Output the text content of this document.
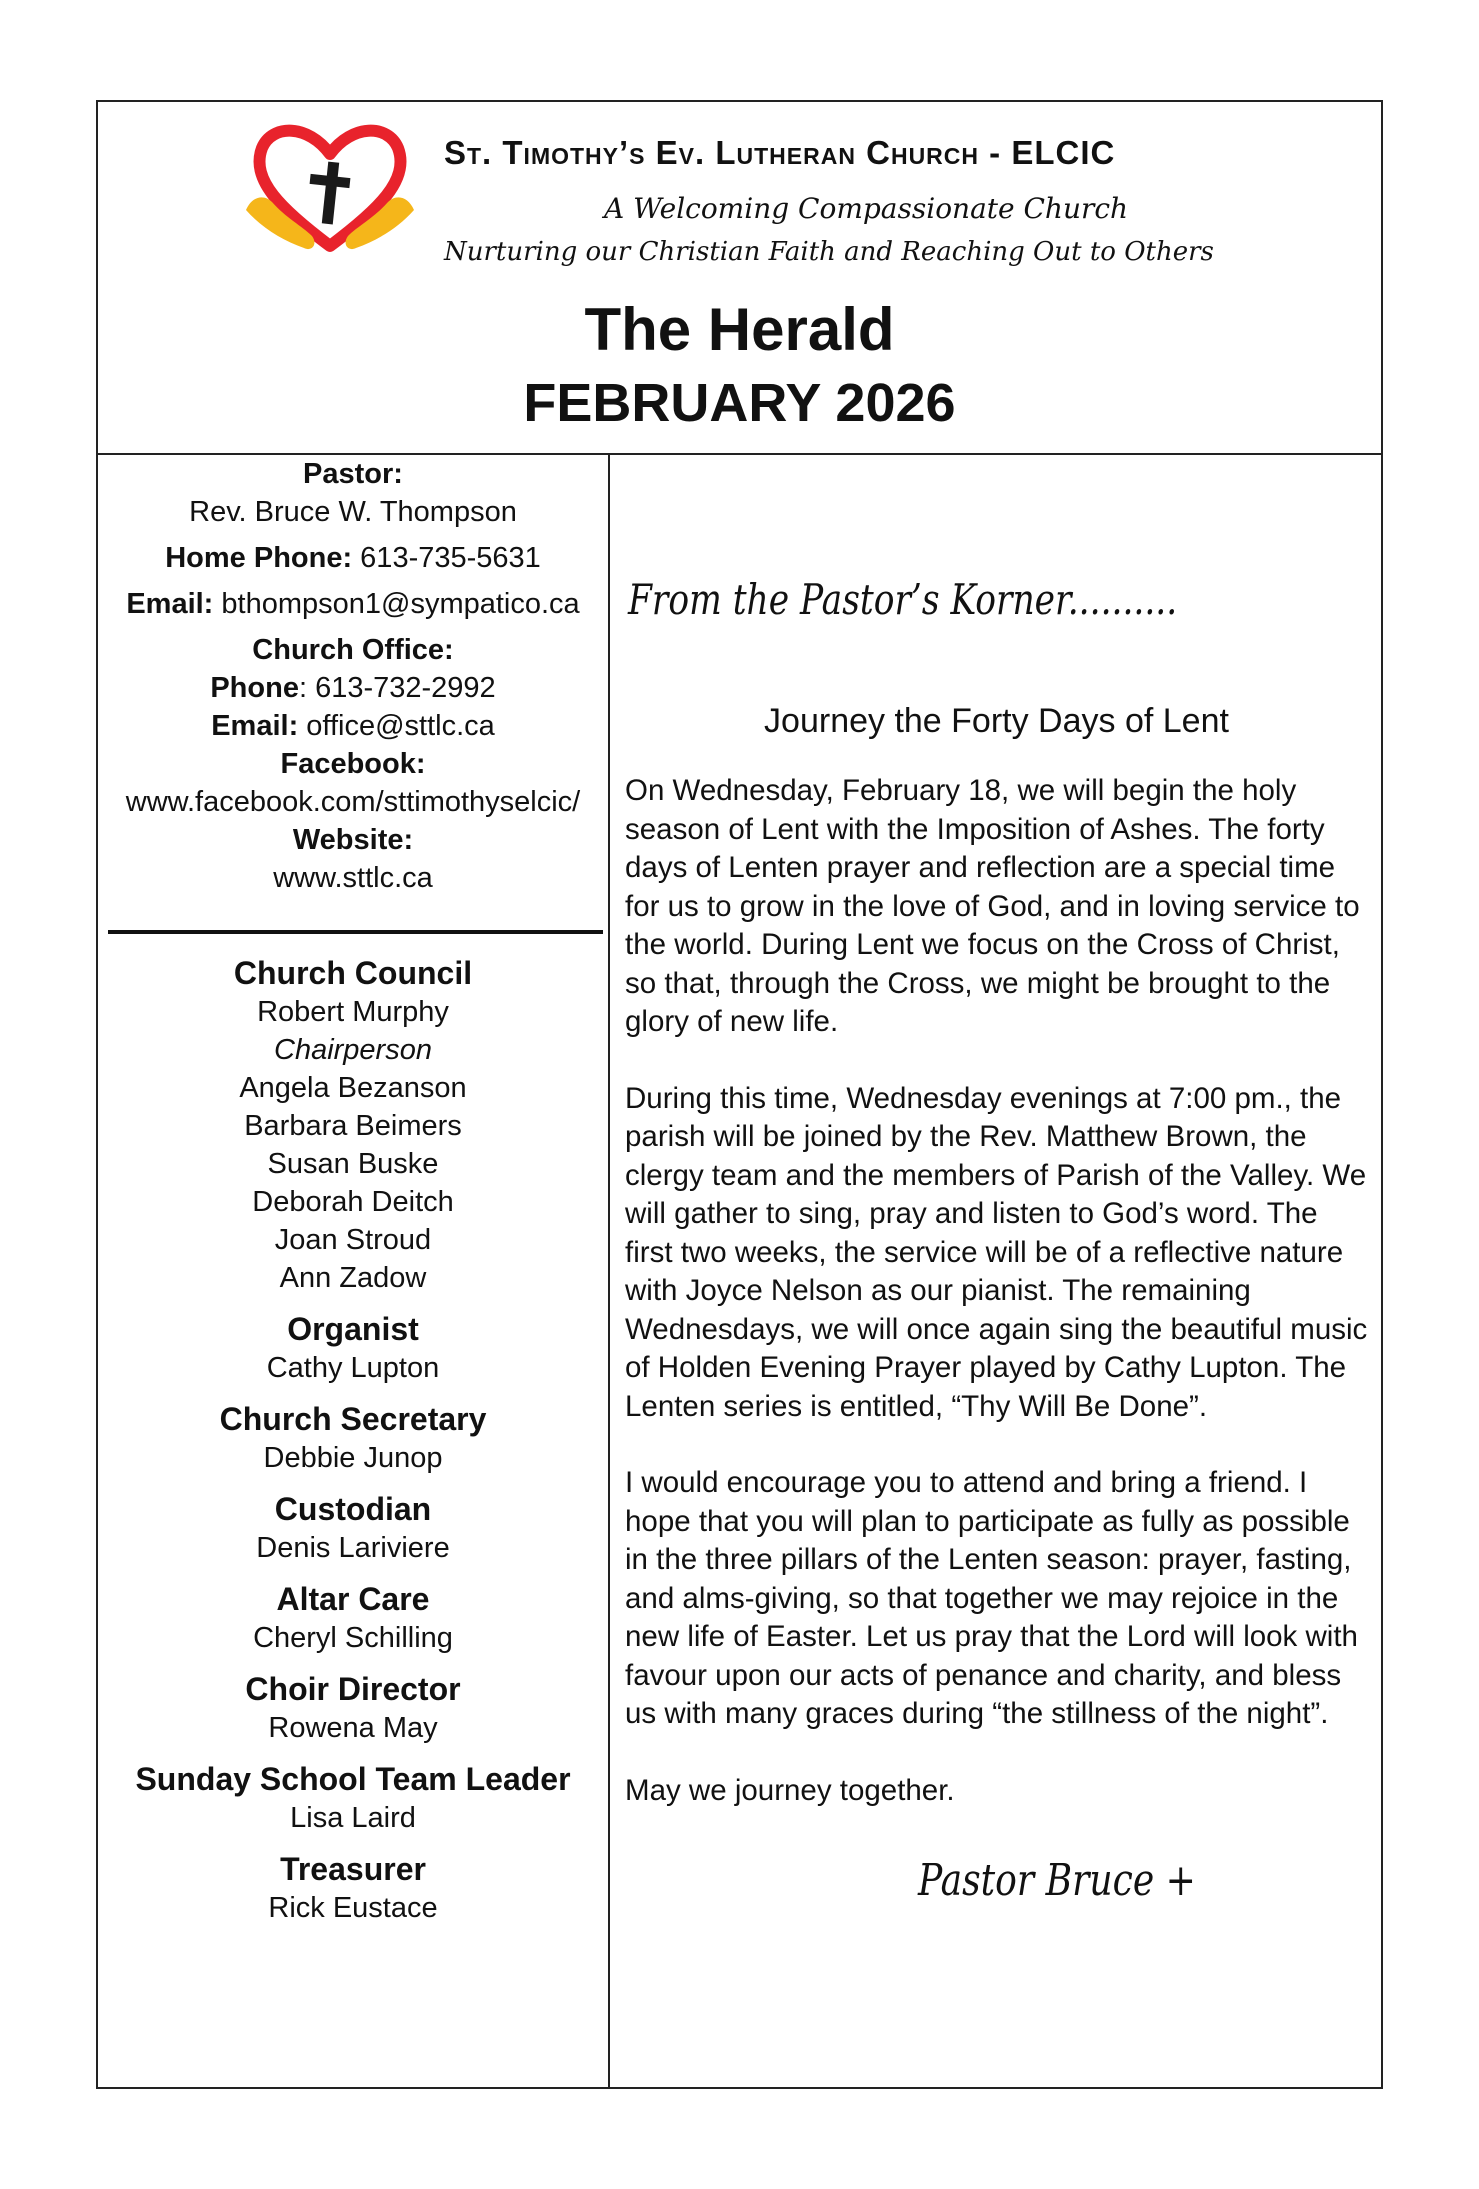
St. Timothy’s Ev. Lutheran Church - ELCIC
A Welcoming Compassionate Church
Nurturing our Christian Faith and Reaching Out to Others
The Herald
FEBRUARY 2026
Pastor:
Rev. Bruce W. Thompson
Home Phone: 613-735-5631
Email: bthompson1@sympatico.ca
Church Office:
Phone: 613-732-2992
Email: office@sttlc.ca
Facebook:
www.facebook.com/sttimothyselcic/
Website:
www.sttlc.ca
Church Council
Robert Murphy
Chairperson
Angela Bezanson
Barbara Beimers
Susan Buske
Deborah Deitch
Joan Stroud
Ann Zadow
Organist
Cathy Lupton
Church Secretary
Debbie Junop
Custodian
Denis Lariviere
Altar Care
Cheryl Schilling
Choir Director
Rowena May
Sunday School Team Leader
Lisa Laird
Treasurer
Rick Eustace
From the Pastor’s Korner..........
Journey the Forty Days of Lent

On Wednesday, February 18, we will begin the holy season of Lent with the Imposition of Ashes. The forty days of Lenten prayer and reflection are a special time for us to grow in the love of God, and in loving service to the world. During Lent we focus on the Cross of Christ, so that, through the Cross, we might be brought to the glory of new life.

During this time, Wednesday evenings at 7:00 pm., the parish will be joined by the Rev. Matthew Brown, the clergy team and the members of Parish of the Valley. We will gather to sing, pray and listen to God’s word. The first two weeks, the service will be of a reflective nature with Joyce Nelson as our pianist. The remaining Wednesdays, we will once again sing the beautiful music of Holden Evening Prayer played by Cathy Lupton. The Lenten series is entitled, “Thy Will Be Done”.

I would encourage you to attend and bring a friend. I hope that you will plan to participate as fully as possible in the three pillars of the Lenten season: prayer, fasting, and alms-giving, so that together we may rejoice in the new life of Easter. Let us pray that the Lord will look with favour upon our acts of penance and charity, and bless us with many graces during “the stillness of the night”.

May we journey together.

Pastor Bruce +
